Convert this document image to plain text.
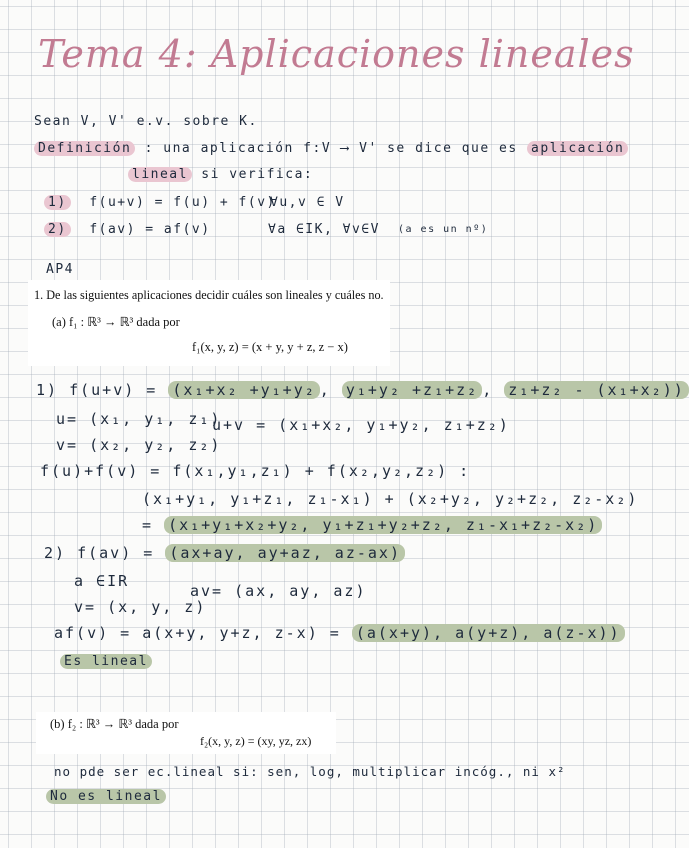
Tema 4: Aplicaciones lineales
Sean V, V' e.v. sobre K.
Definición : una aplicación f:V ⟶ V' se dice que es aplicación
lineal si verifica:
1) f(u+v) = f(u) + f(v)
∀u,v ∈ V
2) f(av) = af(v)	∀a ∈IK, ∀v∈V (a es un nº)
AP4
1. De las siguientes aplicaciones decidir cuáles son lineales y cuáles no.
(a) f₁ : ℝ³ → ℝ³ dada por
f₁(x, y, z) = (x + y, y + z, z − x)
1) f(u+v) = (x₁+x₂ +y₁+y₂ , y₁+y₂ +z₁+z₂ , z₁+z₂ - (x₁+x₂))
u= (x₁, y₁, z₁)
u+v = (x₁+x₂, y₁+y₂, z₁+z₂)
v= (x₂, y₂, z₂)
f(u)+f(v) = f(x₁,y₁,z₁) + f(x₂,y₂,z₂) :
(x₁+y₁, y₁+z₁, z₁-x₁) + (x₂+y₂, y₂+z₂, z₂-x₂)
= (x₁+y₁+x₂+y₂, y₁+z₁+y₂+z₂, z₁-x₁+z₂-x₂)
2) f(av) = (ax+ay, ay+az, az-ax)
a ∈IR
av= (ax, ay, az)
v= (x, y, z)
af(v) = a(x+y, y+z, z-x) = (a(x+y), a(y+z), a(z-x))
Es lineal
(b) f₂ : ℝ³ → ℝ³ dada por
f₂(x, y, z) = (xy, yz, zx)
no pde ser ec.lineal si: sen, log, multiplicar incóg., ni x²
No es lineal
